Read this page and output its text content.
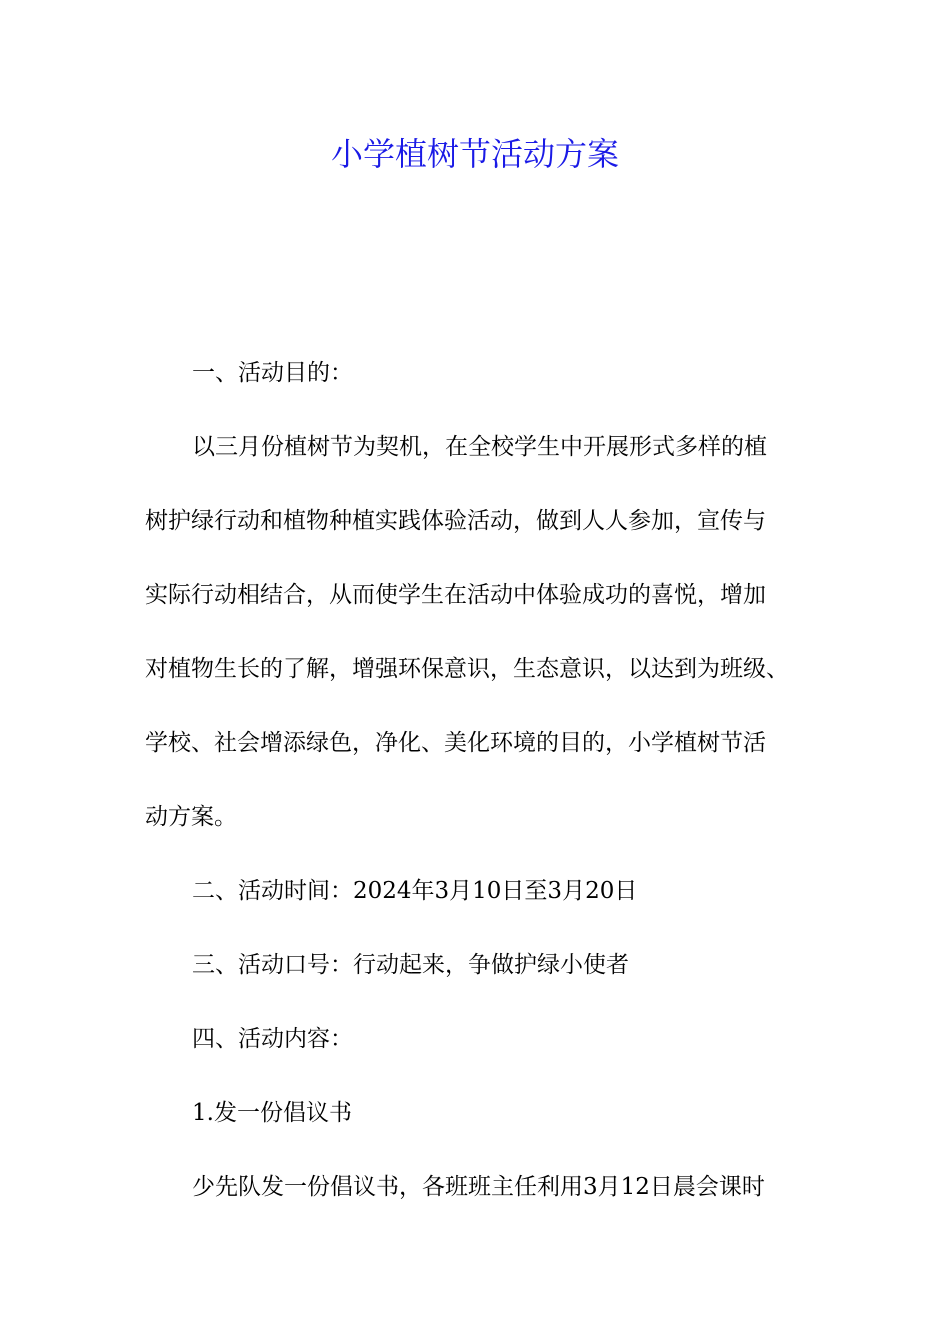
小学植树节活动方案

一、活动目的：

以三月份植树节为契机，在全校学生中开展形式多样的植

树护绿行动和植物种植实践体验活动，做到人人参加，宣传与

实际行动相结合，从而使学生在活动中体验成功的喜悦，增加

对植物生长的了解，增强环保意识，生态意识，以达到为班级、

学校、社会增添绿色，净化、美化环境的目的，小学植树节活

动方案。

二、活动时间：2024年3月10日至3月20日

三、活动口号：行动起来，争做护绿小使者

四、活动内容：

1.发一份倡议书

少先队发一份倡议书，各班班主任利用3月12日晨会课时
